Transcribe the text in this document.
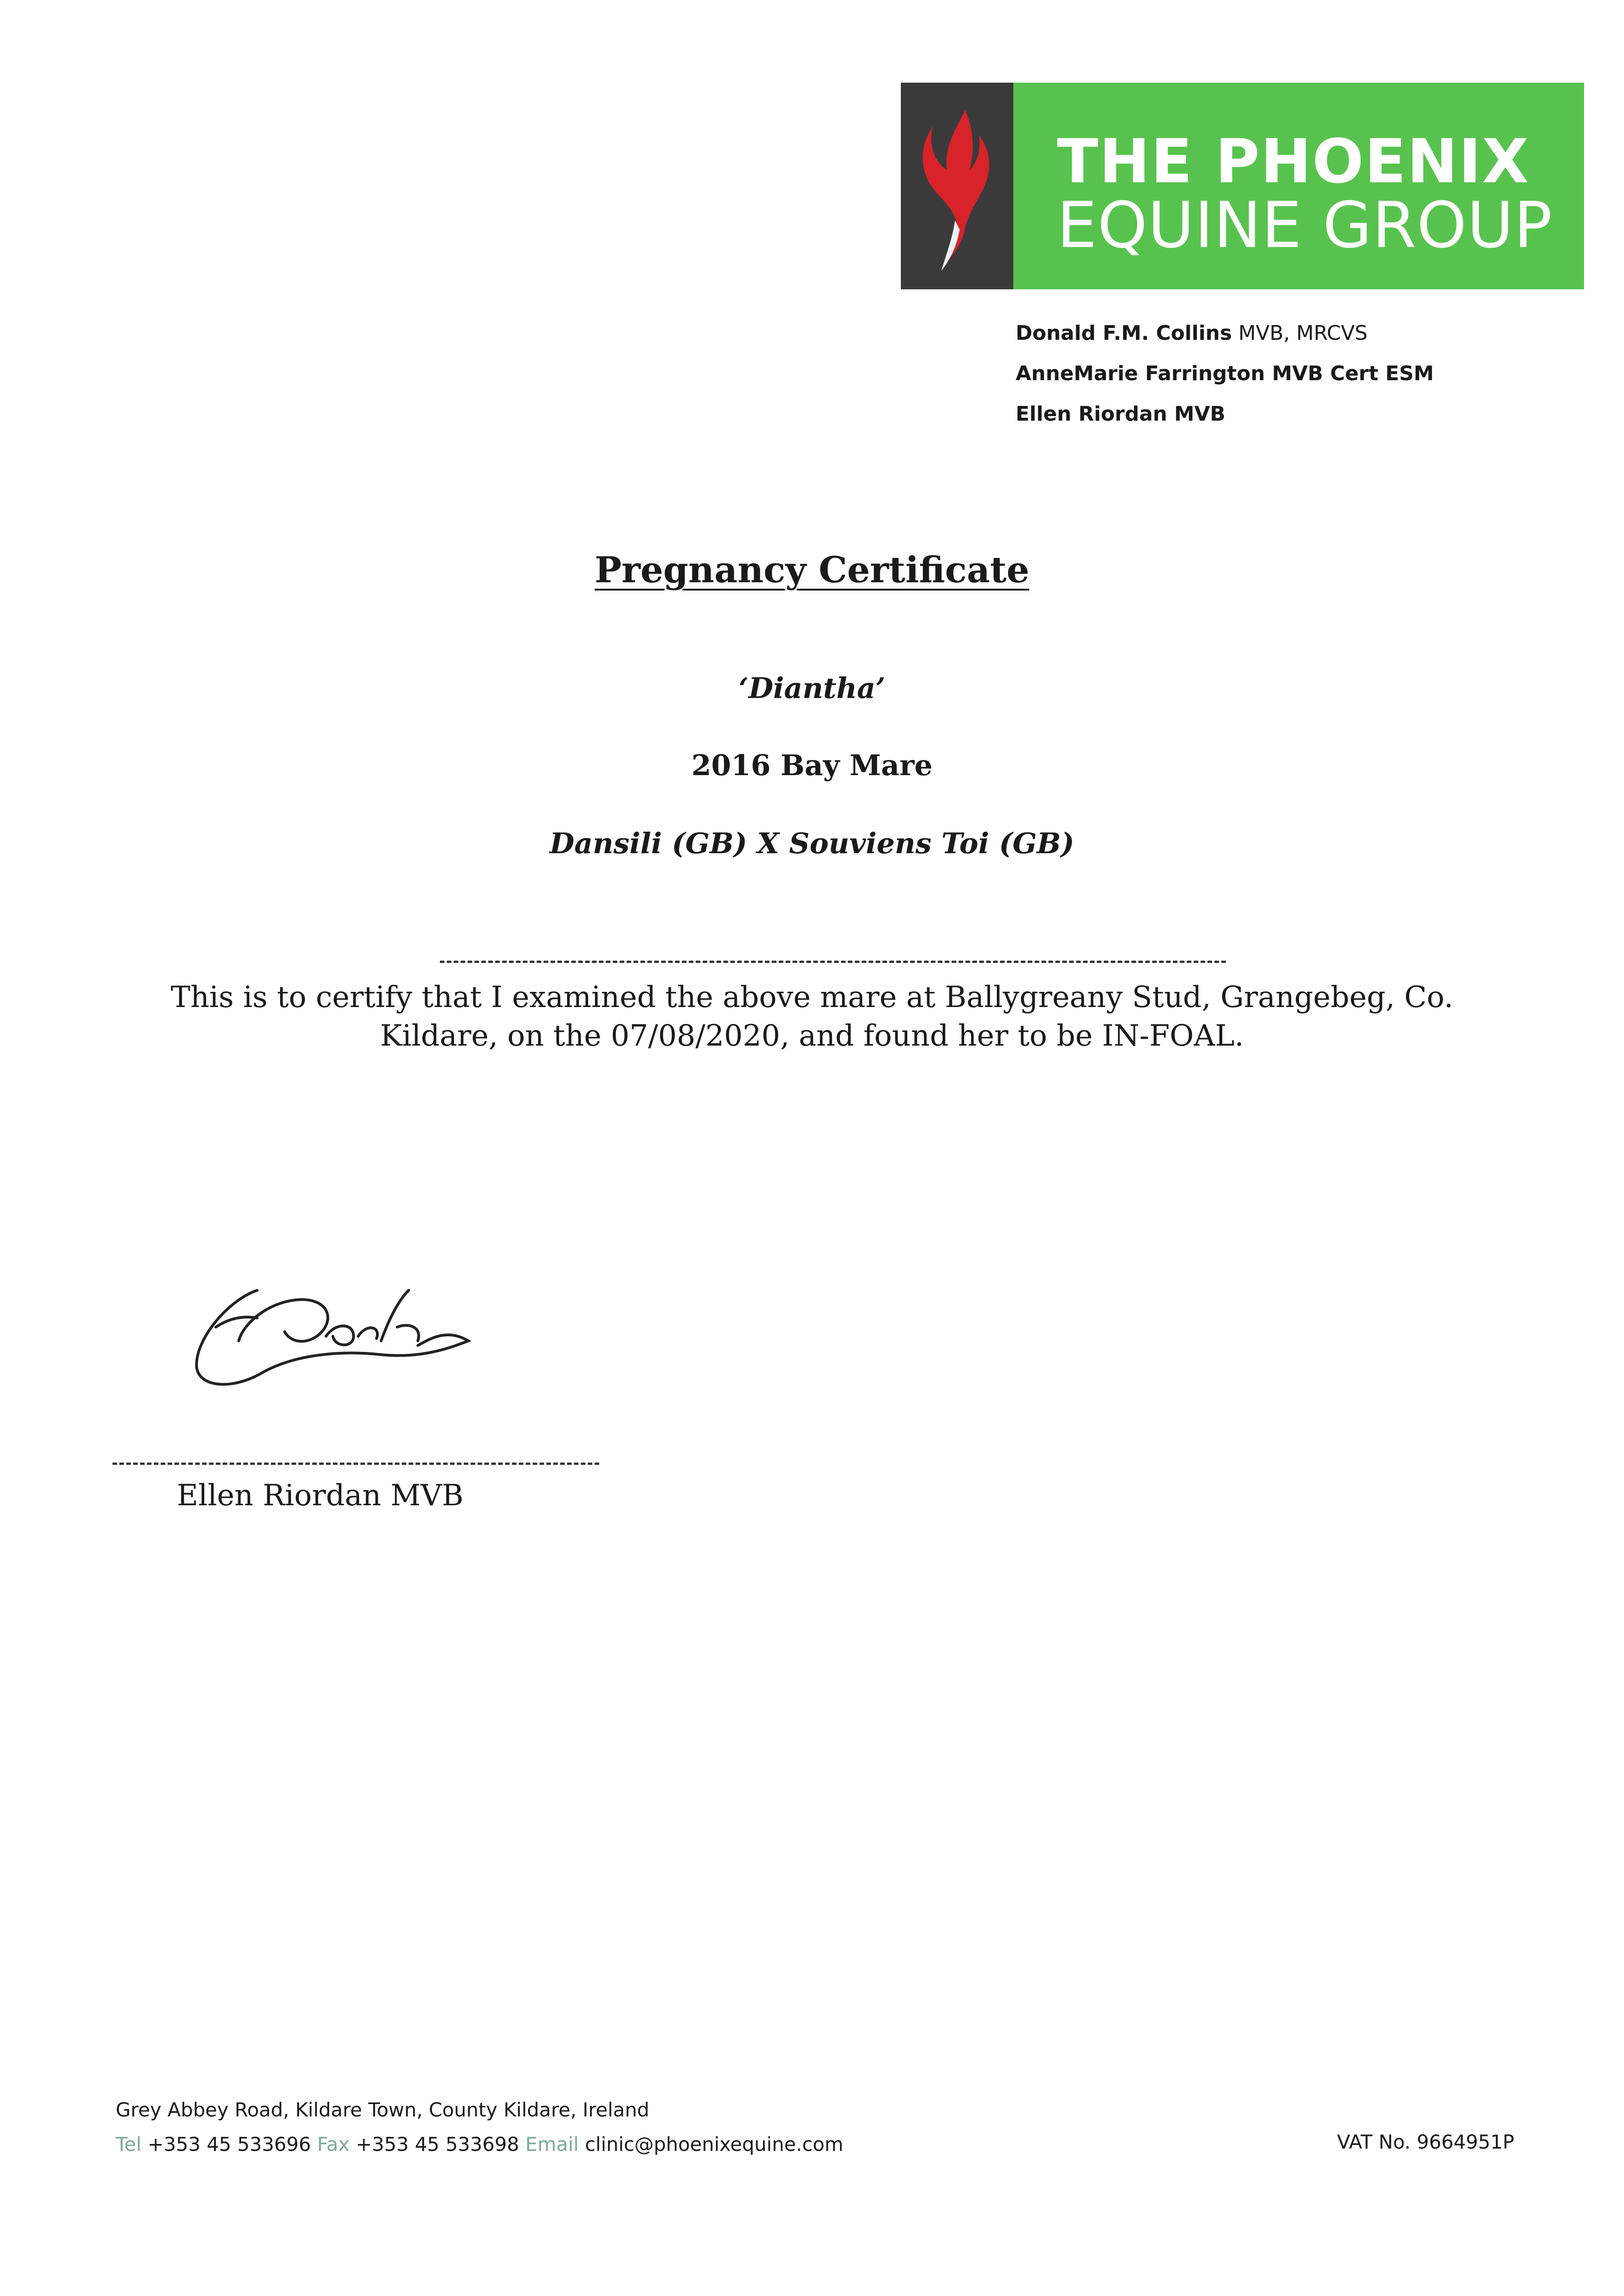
THE PHOENIX
EQUINE GROUP
Donald F.M. Collins MVB, MRCVS
AnneMarie Farrington MVB Cert ESM
Ellen Riordan MVB
Pregnancy Certificate
‘Diantha’
2016 Bay Mare
Dansili (GB) X Souviens Toi (GB)
This is to certify that I examined the above mare at Ballygreany Stud, Grangebeg, Co. Kildare, on the 07/08/2020, and found her to be IN-FOAL.
Ellen Riordan MVB
Grey Abbey Road, Kildare Town, County Kildare, Ireland
Tel +353 45 533696 Fax +353 45 533698 Email clinic@phoenixequine.com	VAT No. 9664951P
